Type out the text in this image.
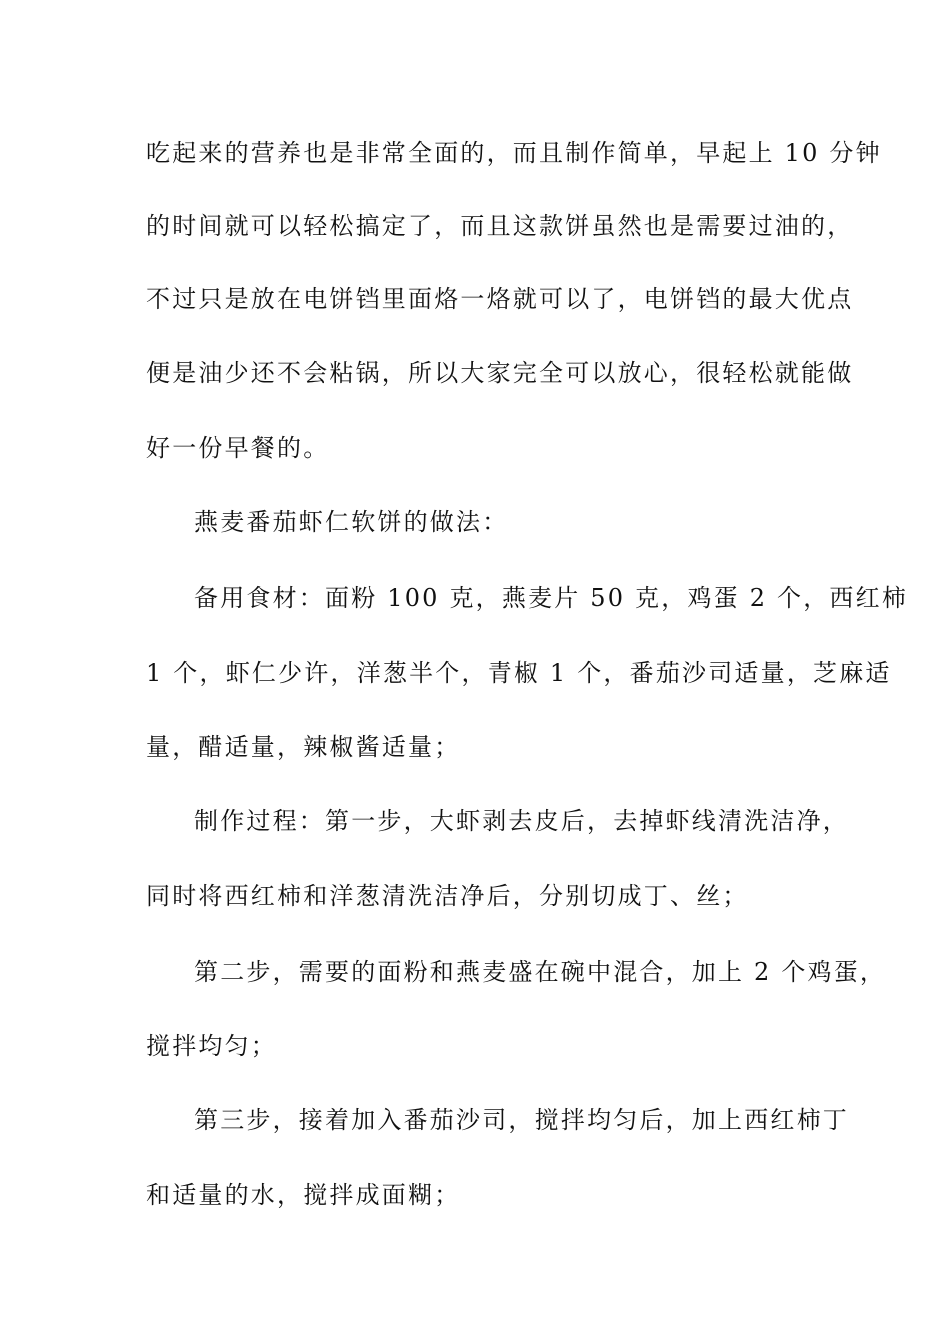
吃起来的营养也是非常全面的，而且制作简单，早起上 10 分钟

的时间就可以轻松搞定了，而且这款饼虽然也是需要过油的，

不过只是放在电饼铛里面烙一烙就可以了，电饼铛的最大优点

便是油少还不会粘锅，所以大家完全可以放心，很轻松就能做

好一份早餐的。

燕麦番茄虾仁软饼的做法：

备用食材：面粉 100 克，燕麦片 50 克，鸡蛋 2 个，西红柿

1 个，虾仁少许，洋葱半个，青椒 1 个，番茄沙司适量，芝麻适

量，醋适量，辣椒酱适量；

制作过程：第一步，大虾剥去皮后，去掉虾线清洗洁净，

同时将西红柿和洋葱清洗洁净后，分别切成丁、丝；

第二步，需要的面粉和燕麦盛在碗中混合，加上 2 个鸡蛋，

搅拌均匀；

第三步，接着加入番茄沙司，搅拌均匀后，加上西红柿丁

和适量的水，搅拌成面糊；
